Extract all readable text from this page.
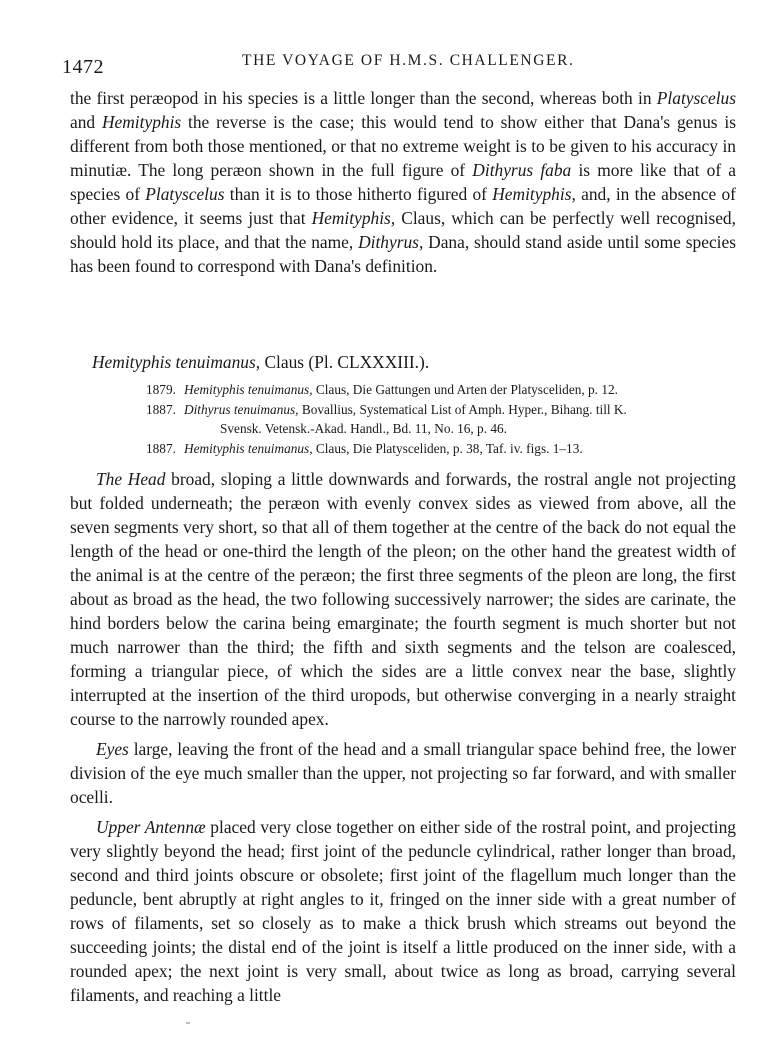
1472	THE VOYAGE OF H.M.S. CHALLENGER.

the first peræopod in his species is a little longer than the second, whereas both in Platyscelus and Hemityphis the reverse is the case; this would tend to show either that Dana's genus is different from both those mentioned, or that no extreme weight is to be given to his accuracy in minutiæ. The long peræon shown in the full figure of Dithyrus faba is more like that of a species of Platyscelus than it is to those hitherto figured of Hemityphis, and, in the absence of other evidence, it seems just that Hemityphis, Claus, which can be perfectly well recognised, should hold its place, and that the name, Dithyrus, Dana, should stand aside until some species has been found to correspond with Dana's definition.

Hemityphis tenuimanus, Claus (Pl. CLXXXIII.).
1879. Hemityphis tenuimanus, Claus, Die Gattungen und Arten der Platysceliden, p. 12.
1887. Dithyrus tenuimanus, Bovallius, Systematical List of Amph. Hyper., Bihang. till K.
Svensk. Vetensk.-Akad. Handl., Bd. 11, No. 16, p. 46.
1887. Hemityphis tenuimanus, Claus, Die Platysceliden, p. 38, Taf. iv. figs. 1–13.

The Head broad, sloping a little downwards and forwards, the rostral angle not projecting but folded underneath; the peræon with evenly convex sides as viewed from above, all the seven segments very short, so that all of them together at the centre of the back do not equal the length of the head or one-third the length of the pleon; on the other hand the greatest width of the animal is at the centre of the peræon; the first three segments of the pleon are long, the first about as broad as the head, the two following successively narrower; the sides are carinate, the hind borders below the carina being emarginate; the fourth segment is much shorter but not much narrower than the third; the fifth and sixth segments and the telson are coalesced, forming a triangular piece, of which the sides are a little convex near the base, slightly interrupted at the insertion of the third uropods, but otherwise converging in a nearly straight course to the narrowly rounded apex.

Eyes large, leaving the front of the head and a small triangular space behind free, the lower division of the eye much smaller than the upper, not projecting so far forward, and with smaller ocelli.

Upper Antennæ placed very close together on either side of the rostral point, and projecting very slightly beyond the head; first joint of the peduncle cylindrical, rather longer than broad, second and third joints obscure or obsolete; first joint of the flagellum much longer than the peduncle, bent abruptly at right angles to it, fringed on the inner side with a great number of rows of filaments, set so closely as to make a thick brush which streams out beyond the succeeding joints; the distal end of the joint is itself a little produced on the inner side, with a rounded apex; the next joint is very small, about twice as long as broad, carrying several filaments, and reaching a little
